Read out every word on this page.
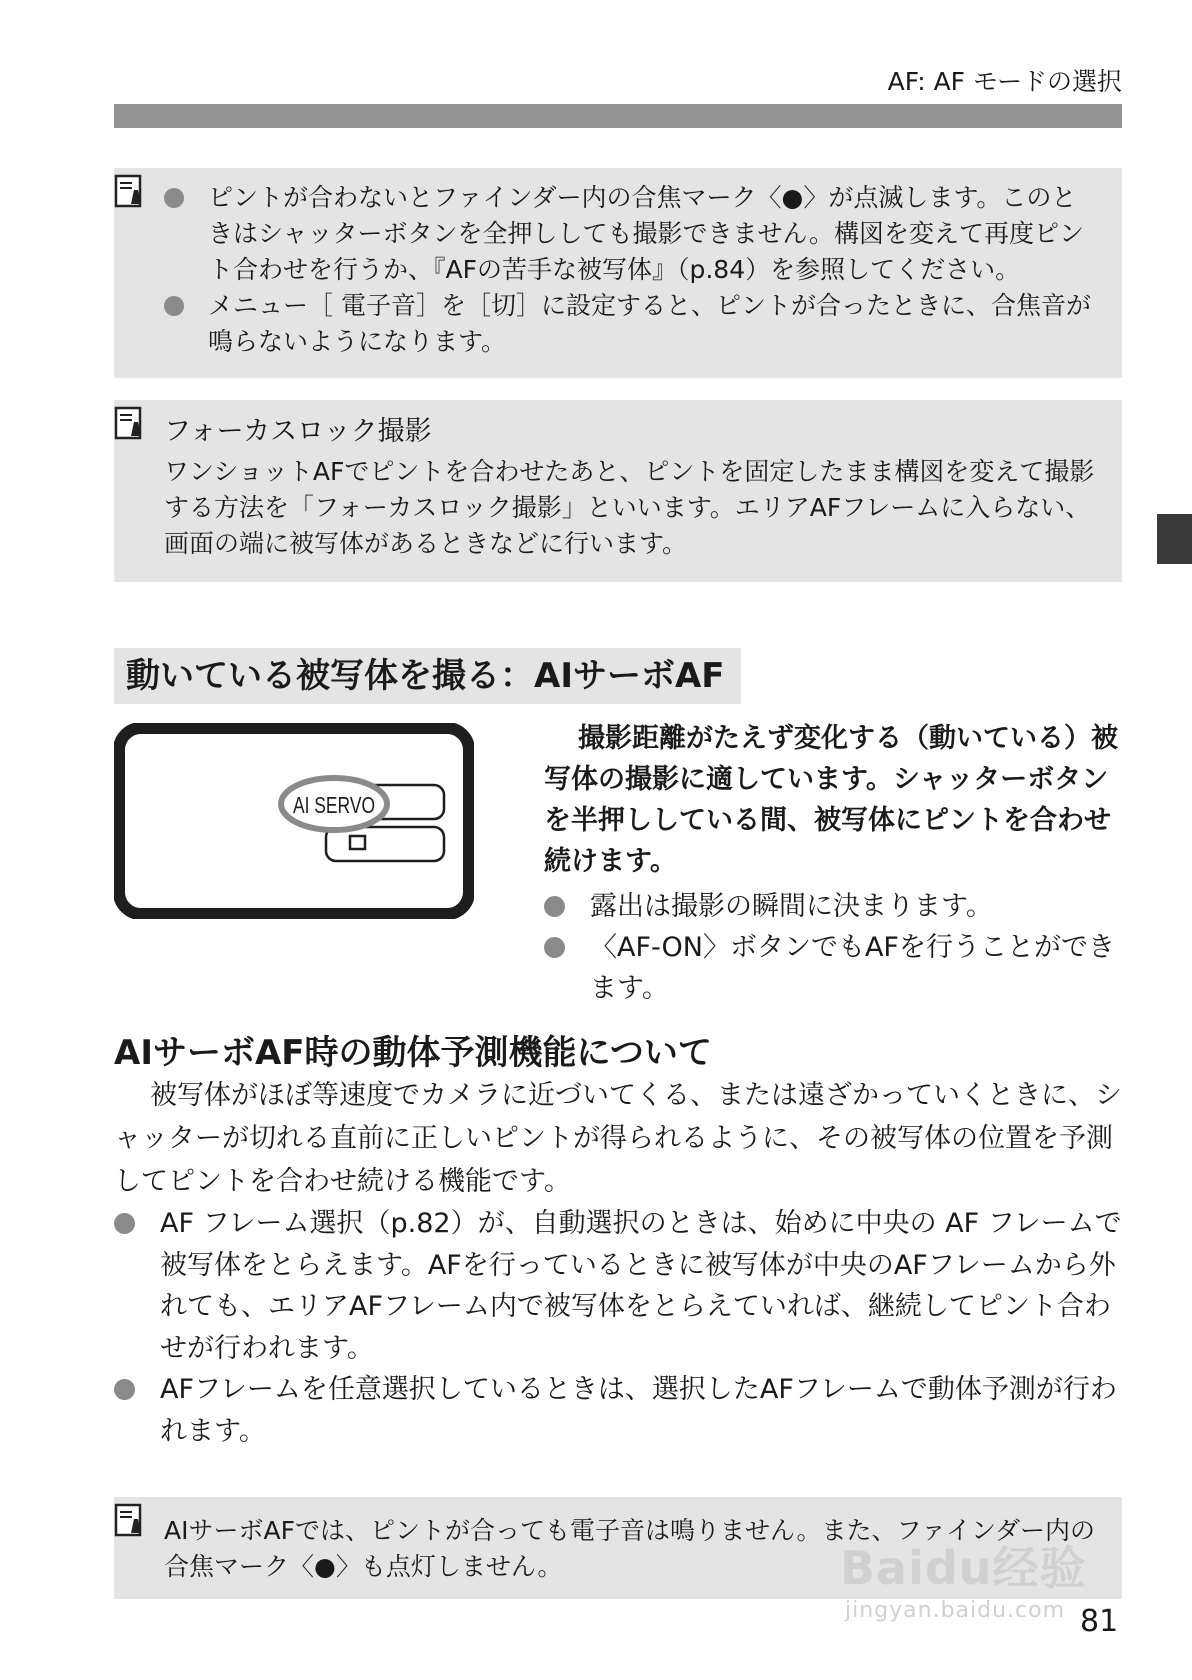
AF: AF モードの選択
ピントが合わないとファインダー内の合焦マーク〈●〉が点滅します。このときはシャッターボタンを全押ししても撮影できません。構図を変えて再度ピント合わせを行うか、『AFの苦手な被写体』（p.84）を参照してください。
メニュー［ 電子音］を［切］に設定すると、ピントが合ったときに、合焦音が鳴らないようになります。
フォーカスロック撮影
ワンショットAFでピントを合わせたあと、ピントを固定したまま構図を変えて撮影する方法を「フォーカスロック撮影」といいます。エリアAFフレームに入らない、画面の端に被写体があるときなどに行います。
動いている被写体を撮る：AIサーボAF
AI SERVO

撮影距離がたえず変化する（動いている）被写体の撮影に適しています。シャッターボタンを半押ししている間、被写体にピントを合わせ続けます。

露出は撮影の瞬間に決まります。
〈AF-ON〉ボタンでもAFを行うことができます。
AIサーボAF時の動体予測機能について

被写体がほぼ等速度でカメラに近づいてくる、または遠ざかっていくときに、シャッターが切れる直前に正しいピントが得られるように、その被写体の位置を予測してピントを合わせ続ける機能です。

AF フレーム選択（p.82）が、自動選択のときは、始めに中央の AF フレームで被写体をとらえます。AFを行っているときに被写体が中央のAFフレームから外れても、エリアAFフレーム内で被写体をとらえていれば、継続してピント合わせが行われます。
AFフレームを任意選択しているときは、選択したAFフレームで動体予測が行われます。
AIサーボAFでは、ピントが合っても電子音は鳴りません。また、ファインダー内の合焦マーク〈●〉も点灯しません。	Baidu经验
jingyan.baidu.com 81
